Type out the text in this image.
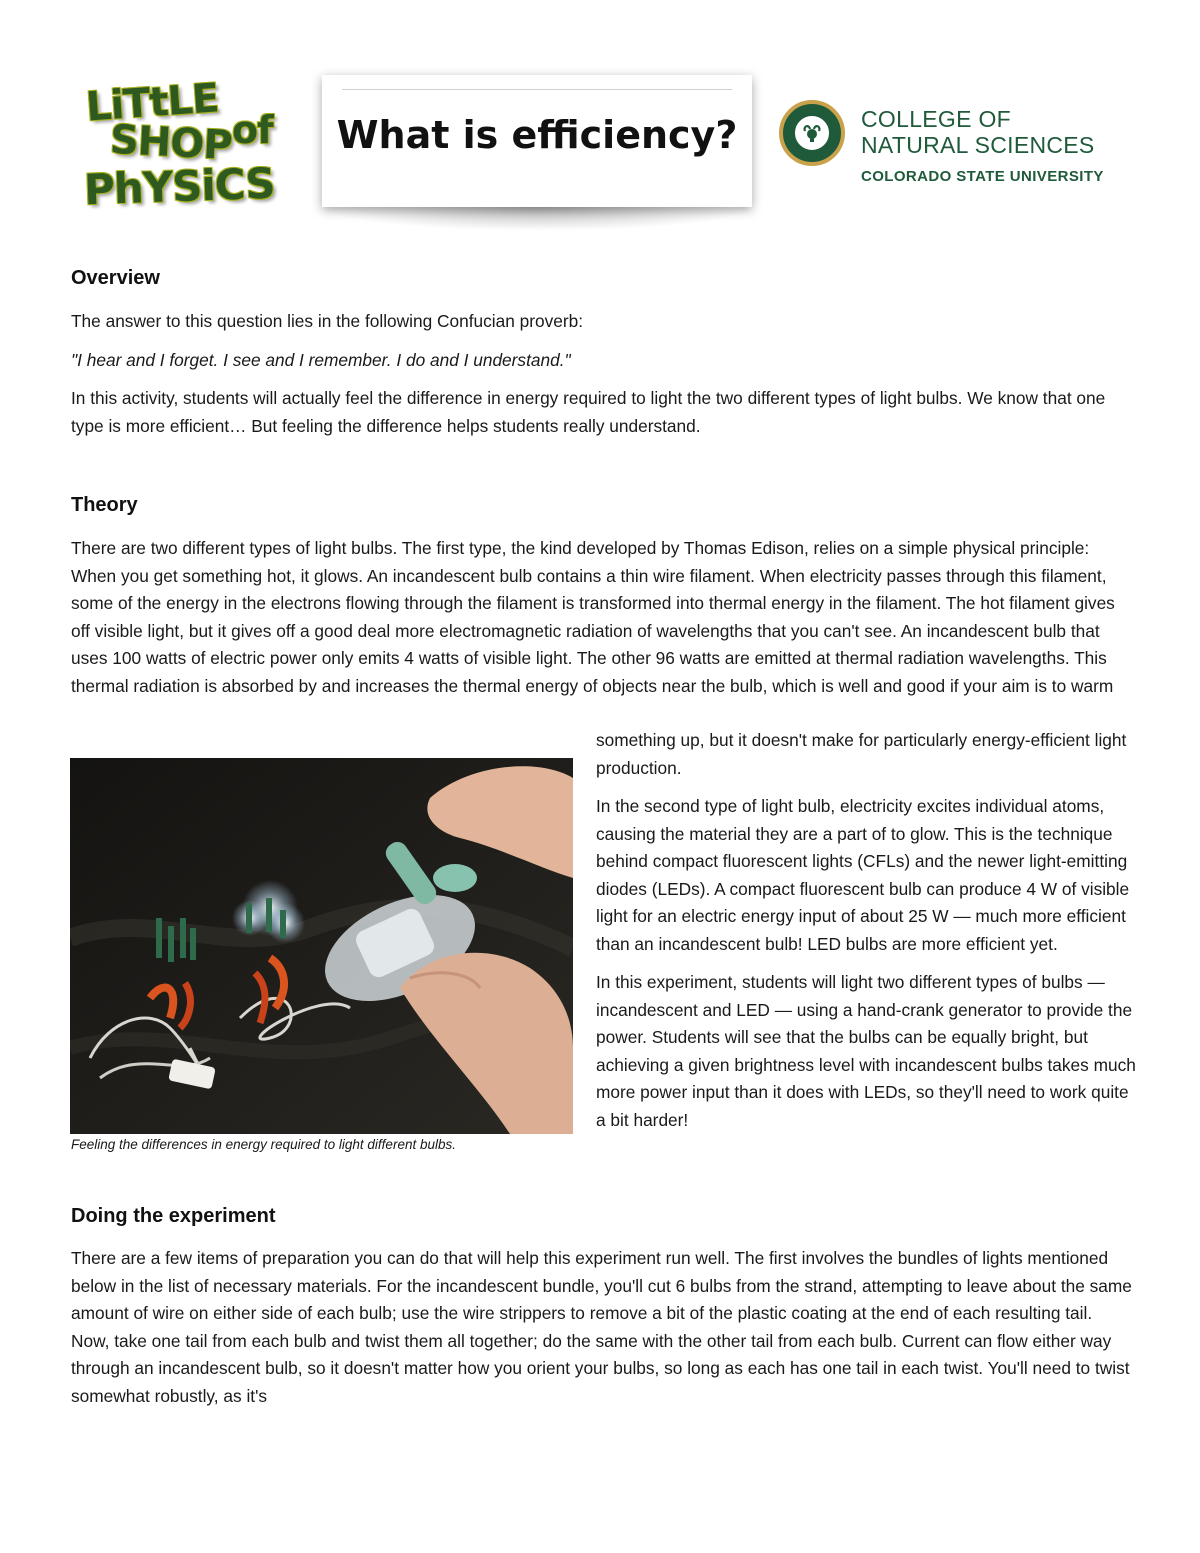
LiTtLE
SHOP of
PhYSiCS
What is efficiency?	COLLEGE OF
NATURAL SCIENCES
COLORADO STATE UNIVERSITY
Overview

The answer to this question lies in the following Confucian proverb:

"I hear and I forget. I see and I remember. I do and I understand."

In this activity, students will actually feel the difference in energy required to light the two different types of light bulbs. We know that one type is more efficient… But feeling the difference helps students really understand.

Theory
There are two different types of light bulbs. The first type, the kind developed by Thomas Edison, relies on a simple physical principle: When you get something hot, it glows. An incandescent bulb contains a thin wire filament. When electricity passes through this filament, some of the energy in the electrons flowing through the filament is transformed into thermal energy in the filament. The hot filament gives off visible light, but it gives off a good deal more electromagnetic radiation of wavelengths that you can't see. An incandescent bulb that uses 100 watts of electric power only emits 4 watts of visible light. The other 96 watts are emitted at thermal radiation wavelengths. This thermal radiation is absorbed by and increases the thermal energy of objects near the bulb, which is well and good if your aim is to warm
Feeling the differences in energy required to light different bulbs.

something up, but it doesn't make for particularly energy-efficient light production.

In the second type of light bulb, electricity excites individual atoms, causing the material they are a part of to glow. This is the technique behind compact fluorescent lights (CFLs) and the newer light-emitting diodes (LEDs). A compact fluorescent bulb can produce 4 W of visible light for an electric energy input of about 25 W — much more efficient than an incandescent bulb! LED bulbs are more efficient yet.

In this experiment, students will light two different types of bulbs — incandescent and LED — using a hand-crank generator to provide the power. Students will see that the bulbs can be equally bright, but achieving a given brightness level with incandescent bulbs takes much more power input than it does with LEDs, so they'll need to work quite a bit harder!

Doing the experiment
There are a few items of preparation you can do that will help this experiment run well. The first involves the bundles of lights mentioned below in the list of necessary materials. For the incandescent bundle, you'll cut 6 bulbs from the strand, attempting to leave about the same amount of wire on either side of each bulb; use the wire strippers to remove a bit of the plastic coating at the end of each resulting tail. Now, take one tail from each bulb and twist them all together; do the same with the other tail from each bulb. Current can flow either way through an incandescent bulb, so it doesn't matter how you orient your bulbs, so long as each has one tail in each twist. You'll need to twist somewhat robustly, as it's
